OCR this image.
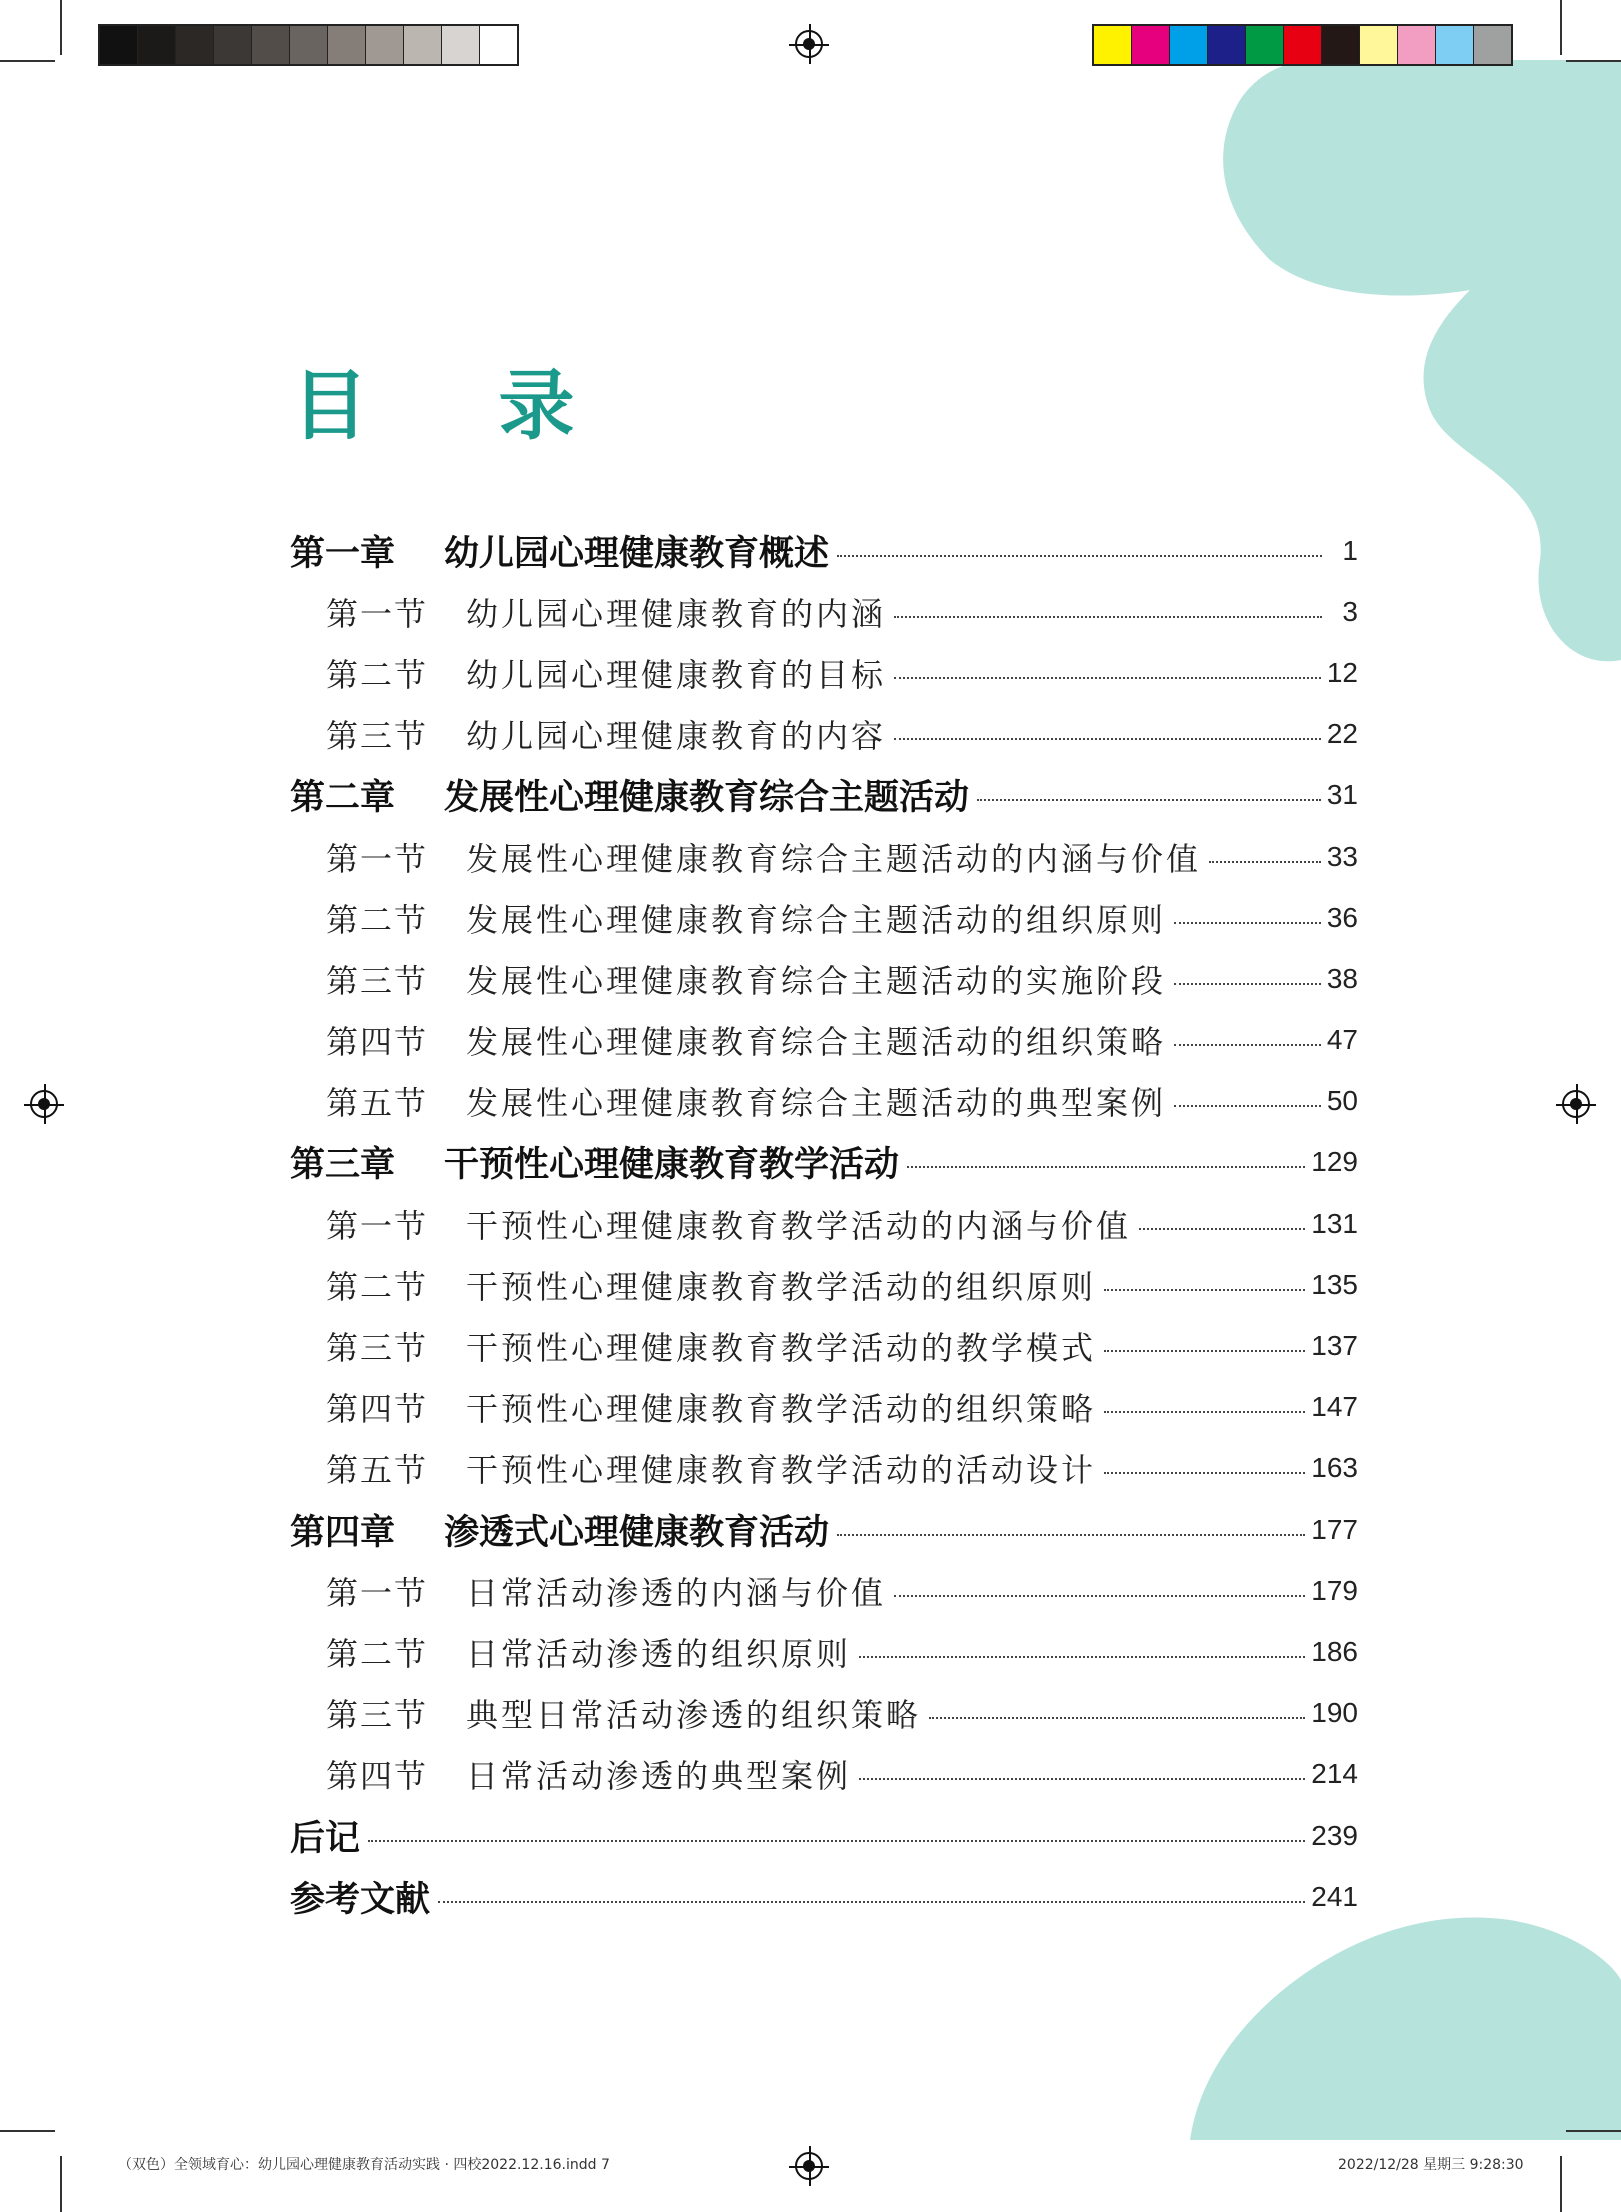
目 录
第一章	幼儿园心理健康教育概述	1
第一节	幼儿园心理健康教育的内涵	3
第二节	幼儿园心理健康教育的目标	12
第三节	幼儿园心理健康教育的内容	22
第二章	发展性心理健康教育综合主题活动	31
第一节	发展性心理健康教育综合主题活动的内涵与价值	33
第二节	发展性心理健康教育综合主题活动的组织原则	36
第三节	发展性心理健康教育综合主题活动的实施阶段	38
第四节	发展性心理健康教育综合主题活动的组织策略	47
第五节	发展性心理健康教育综合主题活动的典型案例	50
第三章	干预性心理健康教育教学活动	129
第一节	干预性心理健康教育教学活动的内涵与价值	131
第二节	干预性心理健康教育教学活动的组织原则	135
第三节	干预性心理健康教育教学活动的教学模式	137
第四节	干预性心理健康教育教学活动的组织策略	147
第五节	干预性心理健康教育教学活动的活动设计	163
第四章	渗透式心理健康教育活动	177
第一节	日常活动渗透的内涵与价值	179
第二节	日常活动渗透的组织原则	186
第三节	典型日常活动渗透的组织策略	190
第四节	日常活动渗透的典型案例	214
后记	239
参考文献	241
（双色）全领域育心：幼儿园心理健康教育活动实践 · 四校2022.12.16.indd 7	2022/12/28 星期三 9:28:30
